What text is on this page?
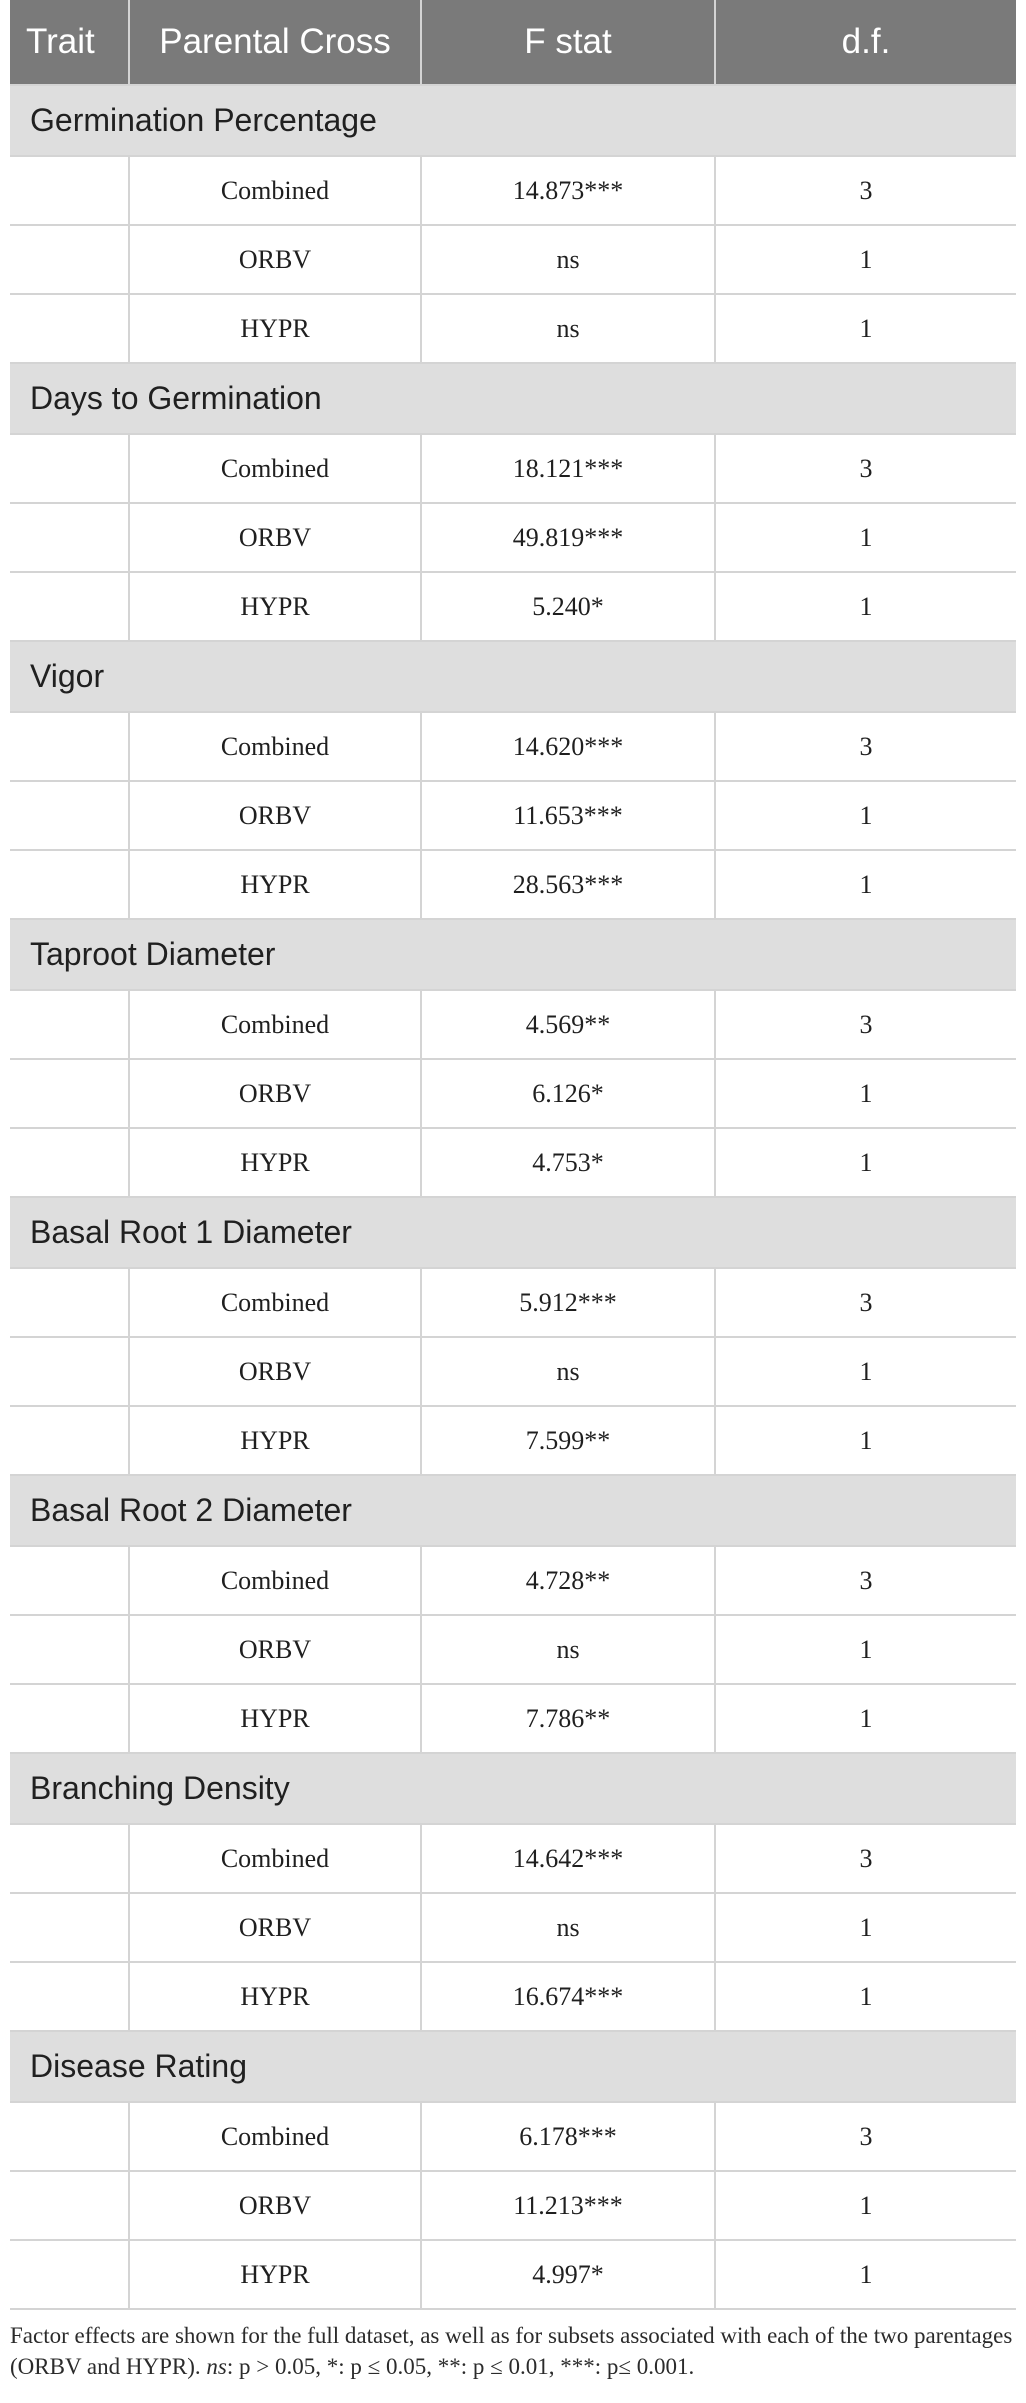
Trait	Parental Cross	F stat	d.f.
Germination Percentage			
	Combined	14.873***	3
	ORBV	ns	1
	HYPR	ns	1
Days to Germination			
	Combined	18.121***	3
	ORBV	49.819***	1
	HYPR	5.240*	1
Vigor			
	Combined	14.620***	3
	ORBV	11.653***	1
	HYPR	28.563***	1
Taproot Diameter			
	Combined	4.569**	3
	ORBV	6.126*	1
	HYPR	4.753*	1
Basal Root 1 Diameter			
	Combined	5.912***	3
	ORBV	ns	1
	HYPR	7.599**	1
Basal Root 2 Diameter			
	Combined	4.728**	3
	ORBV	ns	1
	HYPR	7.786**	1
Branching Density			
	Combined	14.642***	3
	ORBV	ns	1
	HYPR	16.674***	1
Disease Rating			
	Combined	6.178***	3
	ORBV	11.213***	1
	HYPR	4.997*	1

Factor effects are shown for the full dataset, as well as for subsets associated with each of the two parentages (ORBV and HYPR). ns: p > 0.05, *: p ≤ 0.05, **: p ≤ 0.01, ***: p≤ 0.001.
